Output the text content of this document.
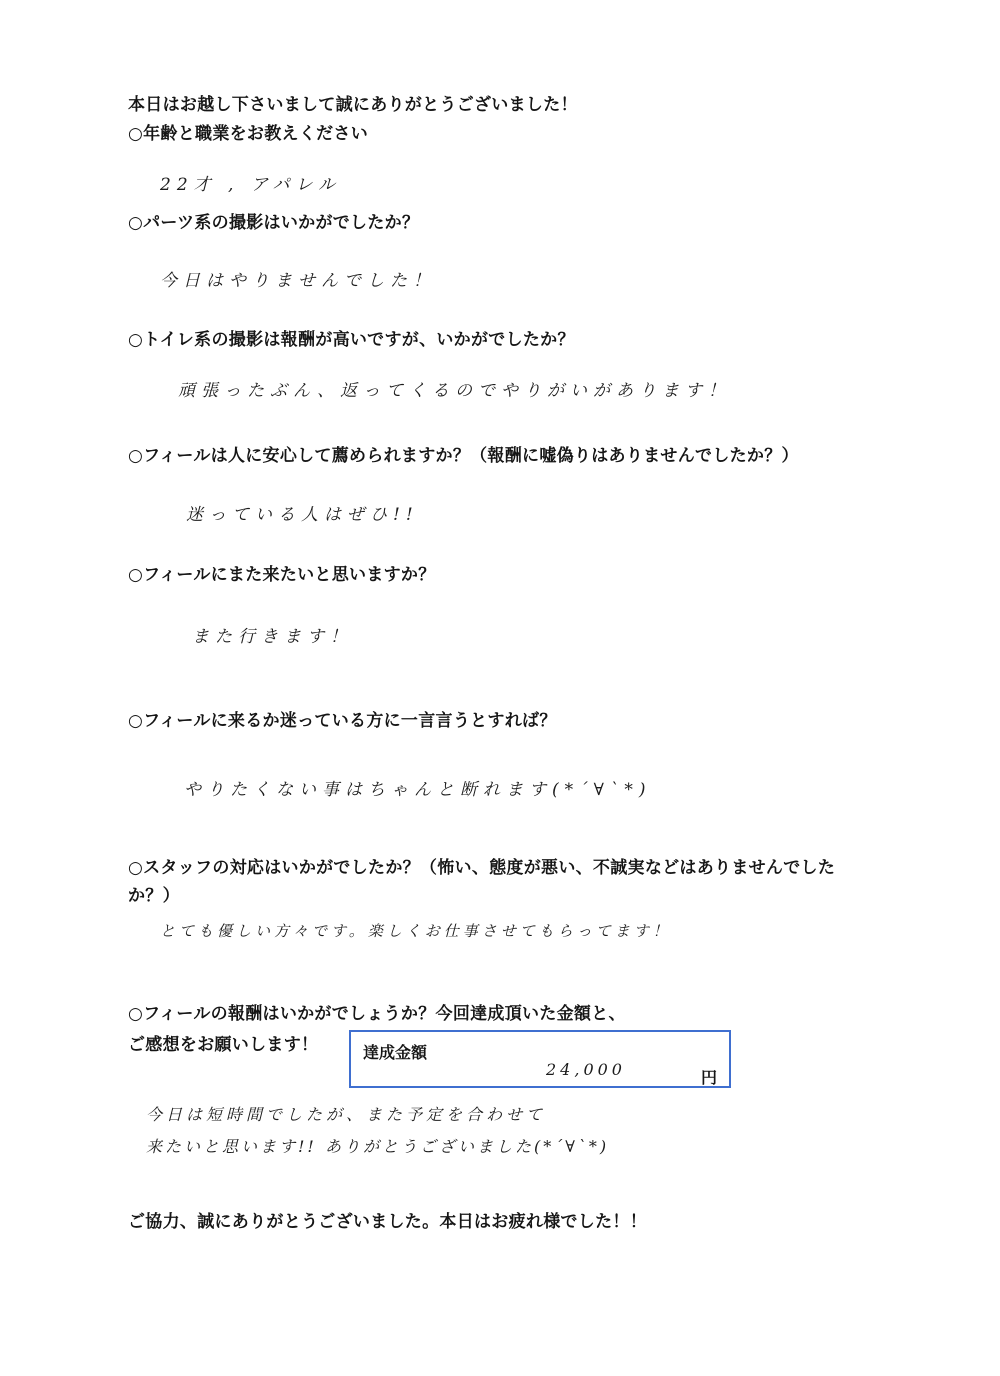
本日はお越し下さいまして誠にありがとうございました！
○年齢と職業をお教えください
22才 , アパレル
○パーツ系の撮影はいかがでしたか？
今日はやりませんでした！
○トイレ系の撮影は報酬が高いですが、いかがでしたか？
頑張ったぶん、返ってくるのでやりがいがあります！
○フィールは人に安心して薦められますか？（報酬に嘘偽りはありませんでしたか？）
迷っている人はぜひ!!
○フィールにまた来たいと思いますか？
また行きます！
○フィールに来るか迷っている方に一言言うとすれば？
やりたくない事はちゃんと断れます(*´∀`*)
○スタッフの対応はいかがでしたか？（怖い、態度が悪い、不誠実などはありませんでした
か？）
とても優しい方々です。楽しくお仕事させてもらってます！
○フィールの報酬はいかがでしょうか？今回達成頂いた金額と、
ご感想をお願いします！	達成金額
24,000	円
今日は短時間でしたが、また予定を合わせて
来たいと思います!! ありがとうございました(*´∀`*)
ご協力、誠にありがとうございました。本日はお疲れ様でした！！
